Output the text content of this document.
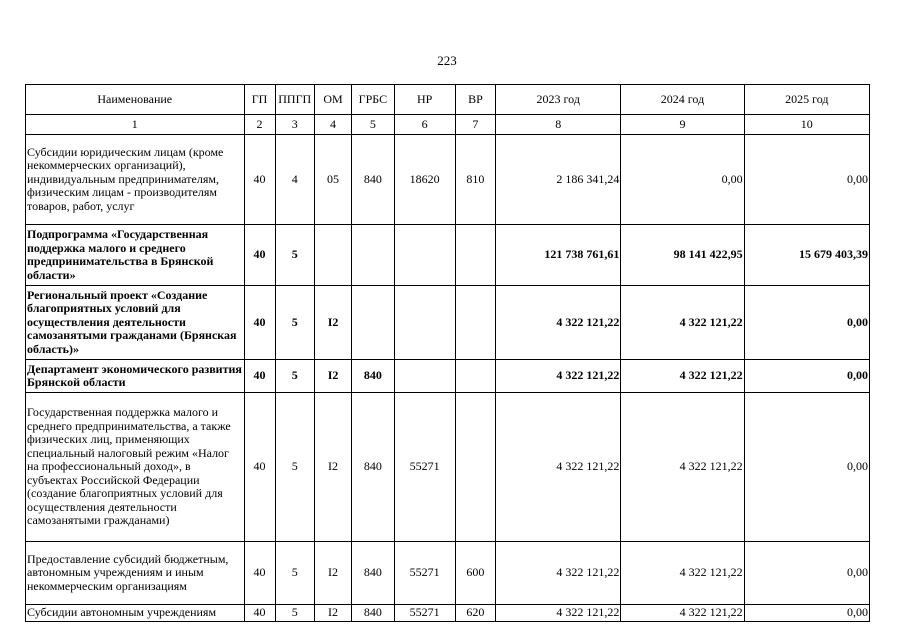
223
Наименование	ГП	ППГП	ОМ	ГРБС	НР	ВР	2023 год	2024 год	2025 год
1	2	3	4	5	6	7	8	9	10
Субсидии юридическим лицам (кроме некоммерческих организаций), индивидуальным предпринимателям, физическим лицам - производителям товаров, работ, услуг	40	4	05	840	18620	810	2 186 341,24	0,00	0,00
Подпрограмма «Государственная поддержка малого и среднего предпринимательства в Брянской области»	40	5					121 738 761,61	98 141 422,95	15 679 403,39
Региональный проект «Создание благоприятных условий для осуществления деятельности самозанятыми гражданами (Брянская область)»	40	5	I2				4 322 121,22	4 322 121,22	0,00
Департамент экономического развития Брянской области	40	5	I2	840			4 322 121,22	4 322 121,22	0,00
Государственная поддержка малого и среднего предпринимательства, а также физических лиц, применяющих специальный налоговый режим «Налог на профессиональный доход», в субъектах Российской Федерации (создание благоприятных условий для осуществления деятельности самозанятыми гражданами)	40	5	I2	840	55271		4 322 121,22	4 322 121,22	0,00
Предоставление субсидий бюджетным, автономным учреждениям и иным некоммерческим организациям	40	5	I2	840	55271	600	4 322 121,22	4 322 121,22	0,00
Субсидии автономным учреждениям	40	5	I2	840	55271	620	4 322 121,22	4 322 121,22	0,00
